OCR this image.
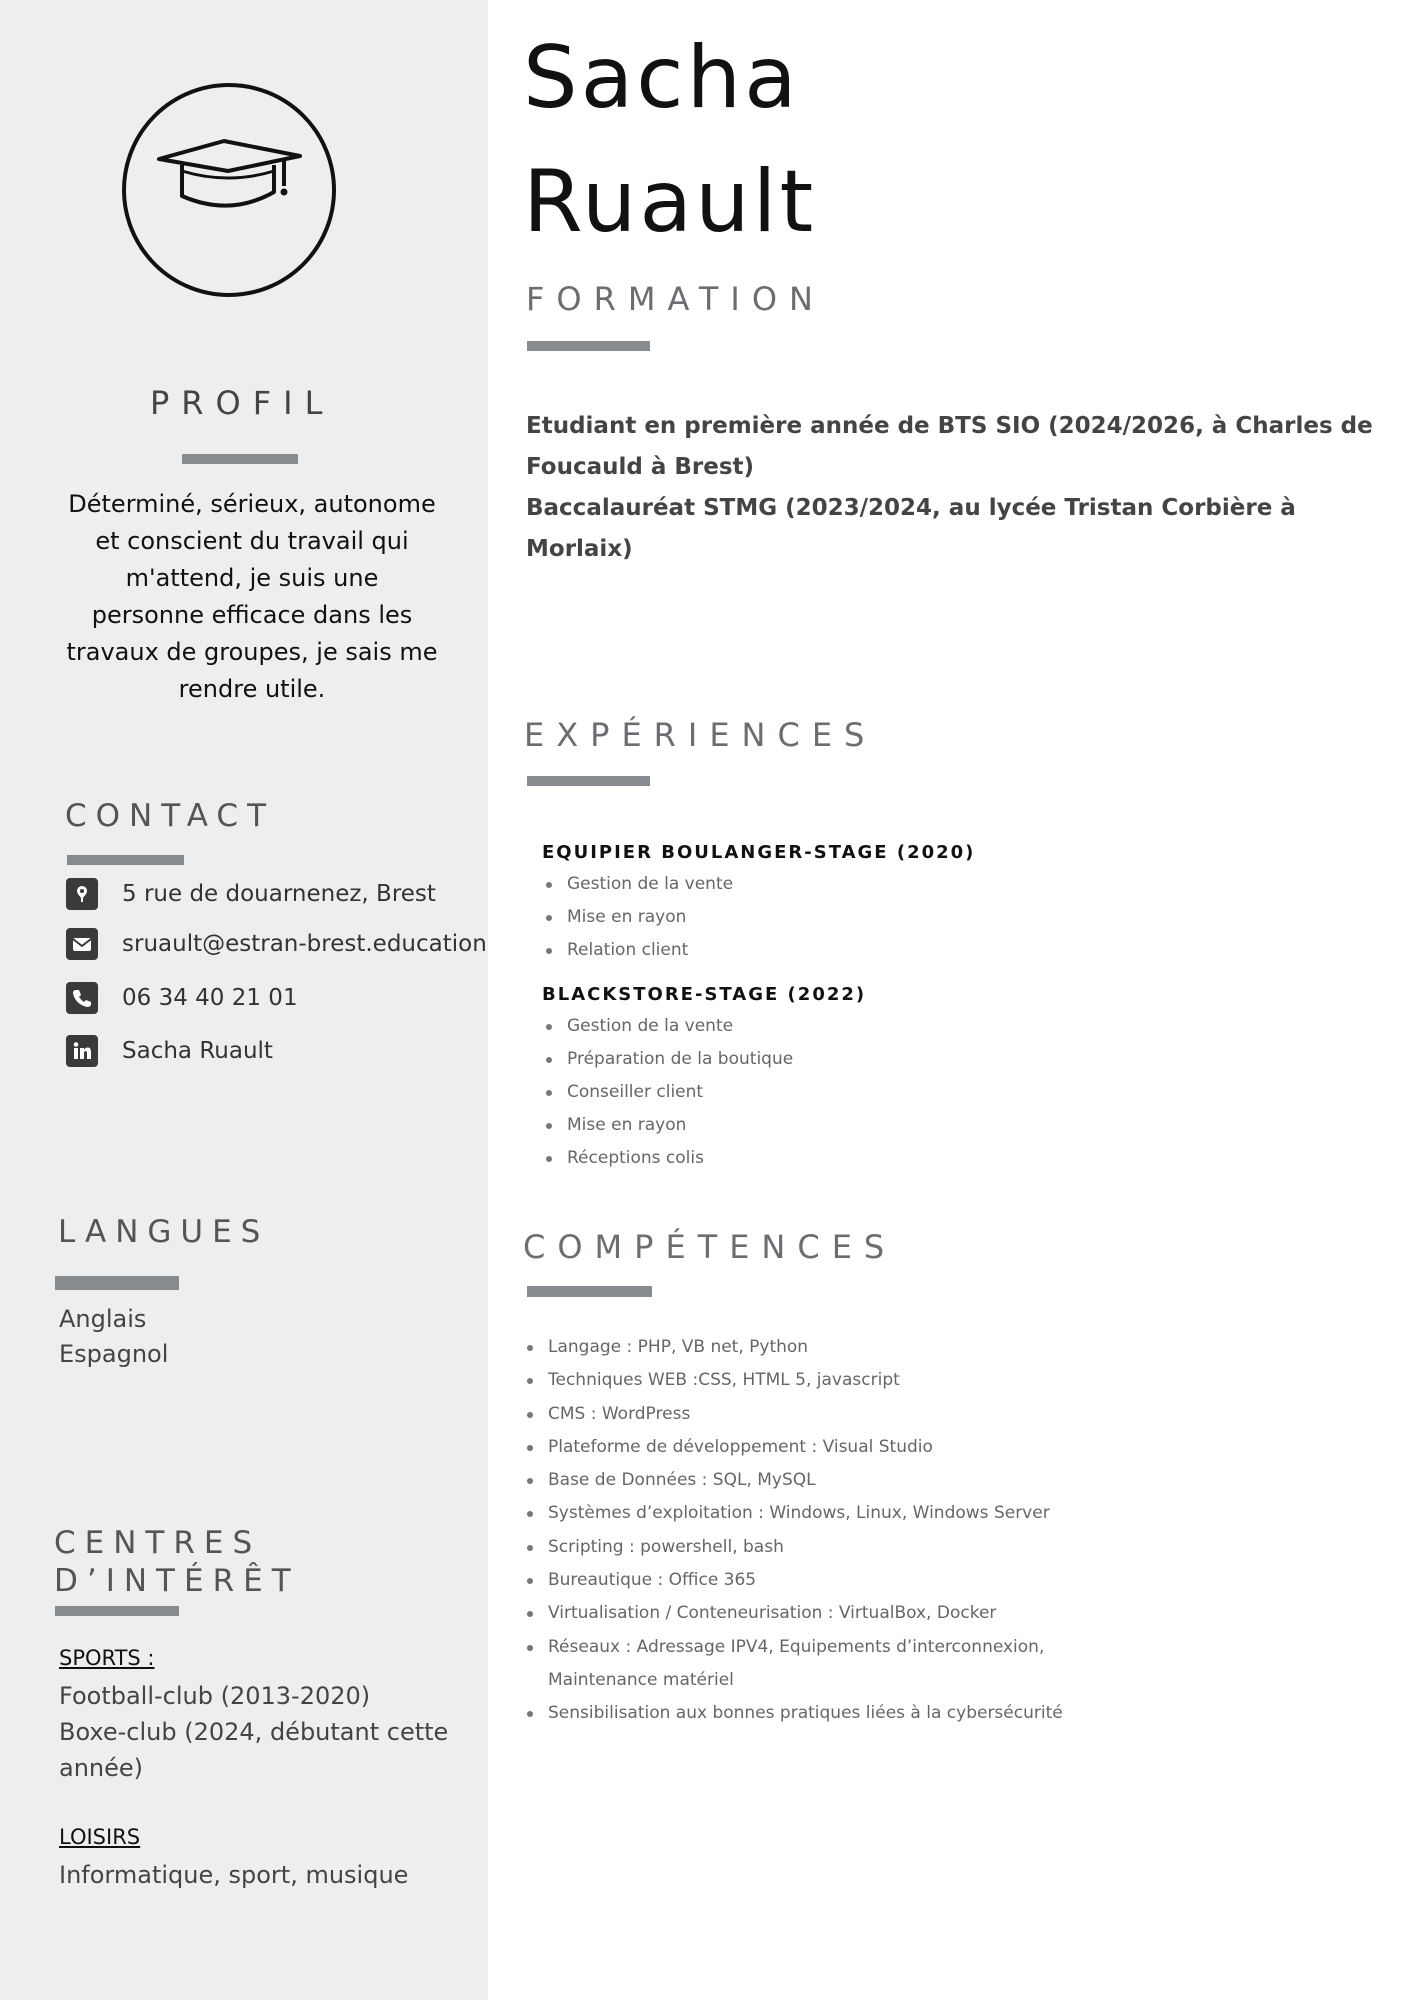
PROFIL

Déterminé, sérieux, autonome et conscient du travail qui m'attend, je suis une personne efficace dans les travaux de groupes, je sais me rendre utile.

CONTACT
5 rue de douarnenez, Brest
sruault@estran-brest.education
06 34 40 21 01
Sacha Ruault
LANGUES
Anglais
Espagnol
CENTRES
D’INTÉRÊT
SPORTS :
Football-club (2013-2020)
Boxe-club (2024, débutant cette année)
LOISIRS
Informatique, sport, musique
Sacha
Ruault
FORMATION

Etudiant en première année de BTS SIO (2024/2026, à Charles de Foucauld à Brest)

Baccalauréat STMG (2023/2024, au lycée Tristan Corbière à Morlaix)

EXPÉRIENCES
EQUIPIER BOULANGER-STAGE (2020)
Gestion de la vente
Mise en rayon
Relation client
BLACKSTORE-STAGE (2022)
Gestion de la vente
Préparation de la boutique
Conseiller client
Mise en rayon
Réceptions colis
COMPÉTENCES
Langage : PHP, VB net, Python
Techniques WEB :CSS, HTML 5, javascript
CMS : WordPress
Plateforme de développement : Visual Studio
Base de Données : SQL, MySQL
Systèmes d’exploitation : Windows, Linux, Windows Server
Scripting : powershell, bash
Bureautique : Office 365
Virtualisation / Conteneurisation : VirtualBox, Docker
Réseaux : Adressage IPV4, Equipements d’interconnexion, Maintenance matériel
Sensibilisation aux bonnes pratiques liées à la cybersécurité
